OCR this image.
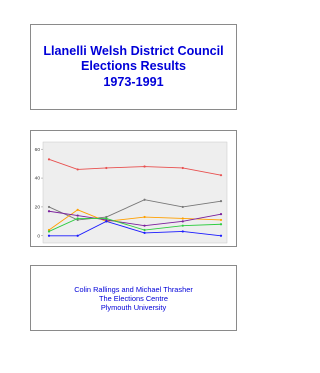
Llanelli Welsh District Council
Elections Results
1973-1991
0
20
40
60
Colin Rallings and Michael Thrasher
The Elections Centre
Plymouth University
